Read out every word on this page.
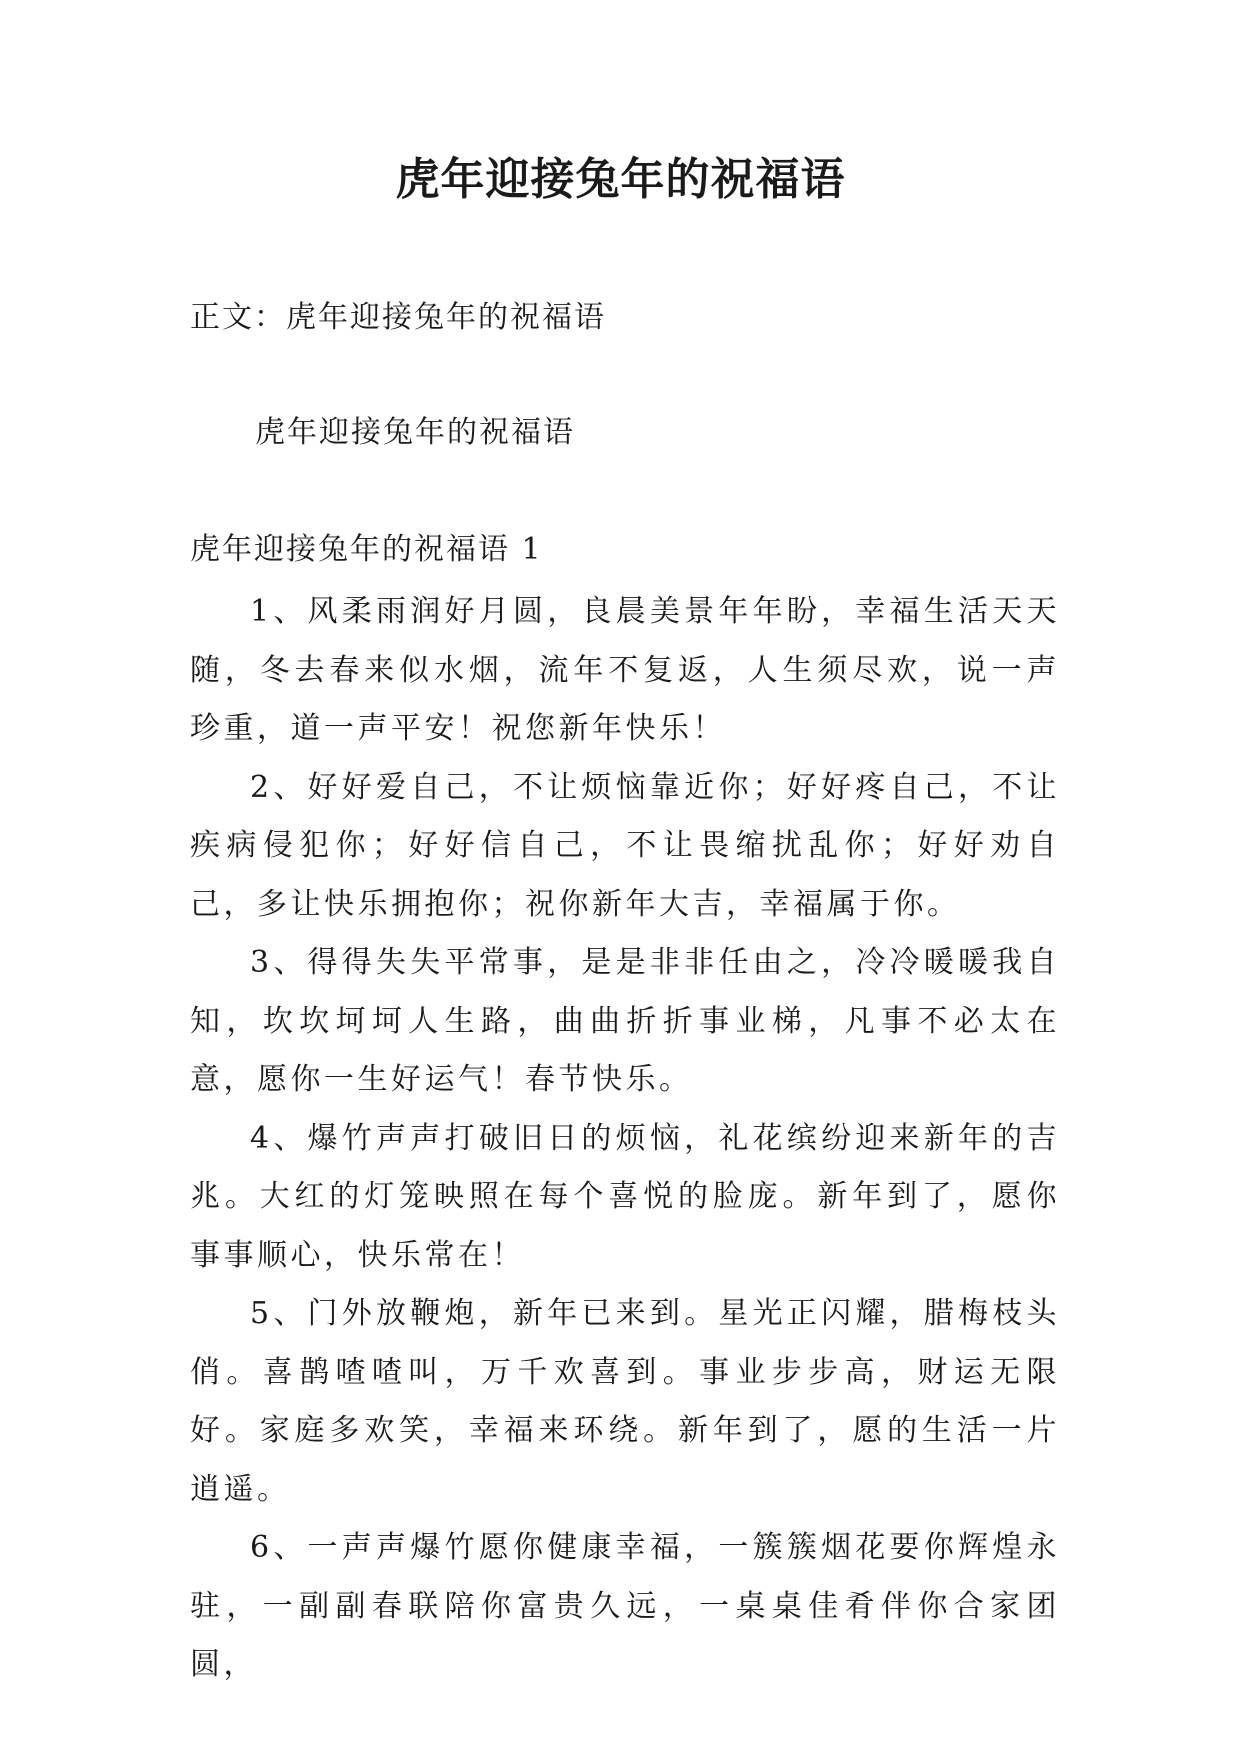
虎年迎接兔年的祝福语
正文：虎年迎接兔年的祝福语
虎年迎接兔年的祝福语
虎年迎接兔年的祝福语 1

1、风柔雨润好月圆，良晨美景年年盼，幸福生活天天随，冬去春来似水烟，流年不复返，人生须尽欢，说一声珍重，道一声平安！祝您新年快乐！

2、好好爱自己，不让烦恼靠近你；好好疼自己，不让疾病侵犯你；好好信自己，不让畏缩扰乱你；好好劝自己，多让快乐拥抱你；祝你新年大吉，幸福属于你。

3、得得失失平常事，是是非非任由之，冷冷暖暖我自知，坎坎坷坷人生路，曲曲折折事业梯，凡事不必太在意，愿你一生好运气！春节快乐。

4、爆竹声声打破旧日的烦恼，礼花缤纷迎来新年的吉兆。大红的灯笼映照在每个喜悦的脸庞。新年到了，愿你事事顺心，快乐常在！

5、门外放鞭炮，新年已来到。星光正闪耀，腊梅枝头俏。喜鹊喳喳叫，万千欢喜到。事业步步高，财运无限好。家庭多欢笑，幸福来环绕。新年到了，愿的生活一片逍遥。

6、一声声爆竹愿你健康幸福，一簇簇烟花要你辉煌永驻，一副副春联陪你富贵久远，一桌桌佳肴伴你合家团圆，
